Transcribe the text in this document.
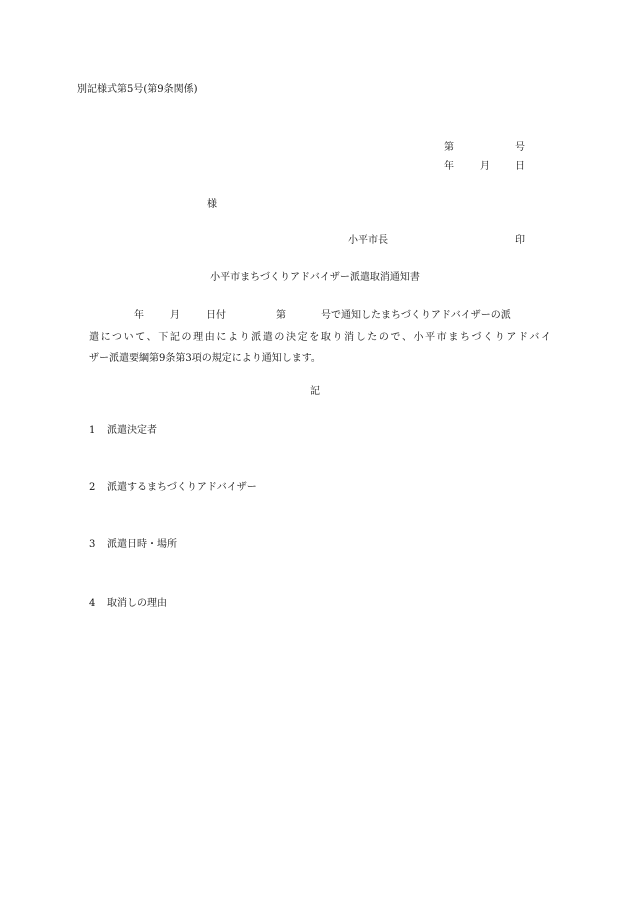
別記様式第5号(第9条関係)
第	号
年	月	日
様
小平市長	印
小平市まちづくりアドバイザー派遣取消通知書
年	月	日付	第	号で通知したまちづくりアドバイザーの派
遣について、下記の理由により派遣の決定を取り消したので、小平市まちづくりアドバイ
ザー派遣要綱第9条第3項の規定により通知します。
記
1 派遣決定者
2 派遣するまちづくりアドバイザー
3 派遣日時・場所
4 取消しの理由
